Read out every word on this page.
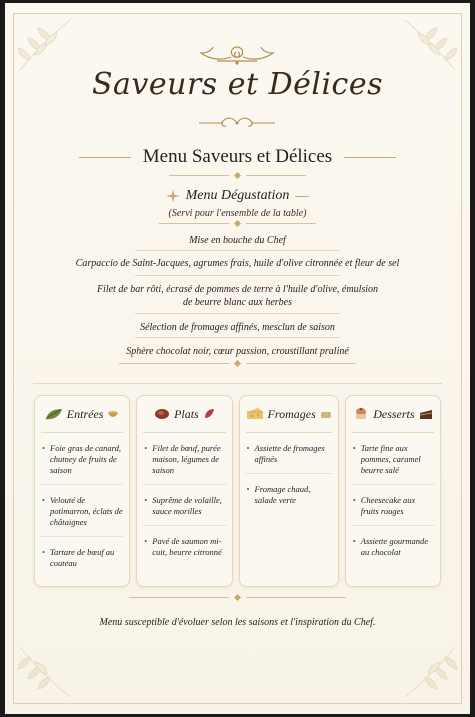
Saveurs et Délices
Menu Saveurs et Délices
Menu Dégustation
(Servi pour l'ensemble de la table)
Mise en bouche du Chef
Carpaccio de Saint-Jacques, agrumes frais, huile d'olive citronnée et fleur de sel
Filet de bar rôti, écrasé de pommes de terre à l'huile d'olive, émulsion
de beurre blanc aux herbes
Sélection de fromages affinés, mesclun de saison
Sphère chocolat noir, cœur passion, croustillant praliné
Entrées
• Foie gras de canard, chutney de fruits de saison
• Velouté de potimarron, éclats de châtaignes
• Tartare de bœuf au couteau
Plats
• Filet de bœuf, purée maison, légumes de saison
• Suprême de volaille, sauce morilles
• Pavé de saumon mi-cuit, beurre citronné
Fromages
• Assiette de fromages affinés
• Fromage chaud, salade verte
Desserts
• Tarte fine aux pommes, caramel beurre salé
• Cheesecake aux fruits rouges
• Assiette gourmande au chocolat
Menu susceptible d'évoluer selon les saisons et l'inspiration du Chef.
